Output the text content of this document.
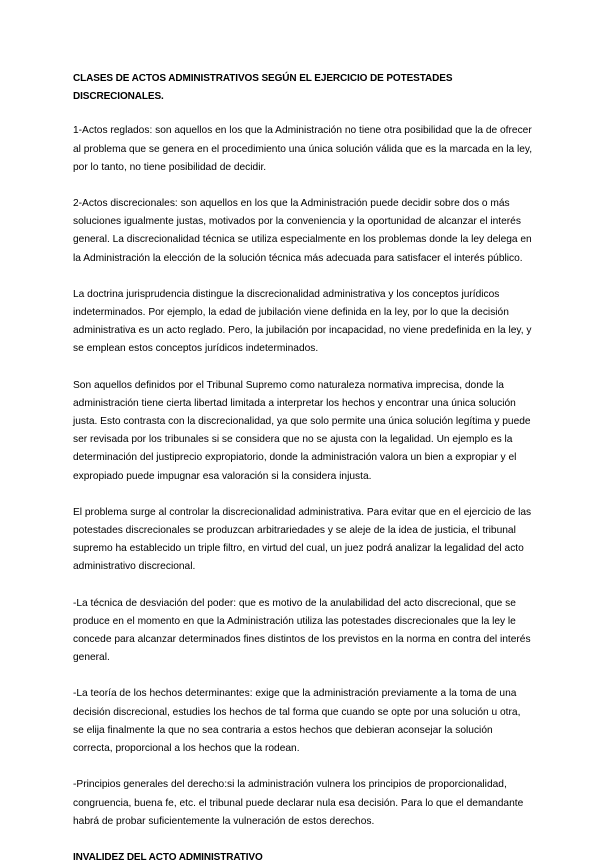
CLASES DE ACTOS ADMINISTRATIVOS SEGÚN EL EJERCICIO DE POTESTADES DISCRECIONALES.
1-Actos reglados: son aquellos en los que la Administración no tiene otra posibilidad que la de ofrecer al problema que se genera en el procedimiento una única solución válida que es la marcada en la ley, por lo tanto, no tiene posibilidad de decidir.
2-Actos discrecionales: son aquellos en los que la Administración puede decidir sobre dos o más soluciones igualmente justas, motivados por la conveniencia y la oportunidad de alcanzar el interés general. La discrecionalidad técnica se utiliza especialmente en los problemas donde la ley delega en la Administración la elección de la solución técnica más adecuada para satisfacer el interés público.
La doctrina jurisprudencia distingue la discrecionalidad administrativa y los conceptos jurídicos indeterminados. Por ejemplo, la edad de jubilación viene definida en la ley, por lo que la decisión administrativa es un acto reglado. Pero, la jubilación por incapacidad, no viene predefinida en la ley, y se emplean estos conceptos jurídicos indeterminados.
Son aquellos definidos por el Tribunal Supremo como naturaleza normativa imprecisa, donde la administración tiene cierta libertad limitada a interpretar los hechos y encontrar una única solución justa. Esto contrasta con la discrecionalidad, ya que solo permite una única solución legítima y puede ser revisada por los tribunales si se considera que no se ajusta con la legalidad. Un ejemplo es la determinación del justiprecio expropiatorio, donde la administración valora un bien a expropiar y el expropiado puede impugnar esa valoración si la considera injusta.
El problema surge al controlar la discrecionalidad administrativa. Para evitar que en el ejercicio de las potestades discrecionales se produzcan arbitrariedades y se aleje de la idea de justicia, el tribunal supremo ha establecido un triple filtro, en virtud del cual, un juez podrá analizar la legalidad del acto administrativo discrecional.
-La técnica de desviación del poder: que es motivo de la anulabilidad del acto discrecional, que se produce en el momento en que la Administración utiliza las potestades discrecionales que la ley le concede para alcanzar determinados fines distintos de los previstos en la norma en contra del interés general.
-La teoría de los hechos determinantes: exige que la administración previamente a la toma de una decisión discrecional, estudies los hechos de tal forma que cuando se opte por una solución u otra, se elija finalmente la que no sea contraria a estos hechos que debieran aconsejar la solución correcta, proporcional a los hechos que la rodean.
-Principios generales del derecho:si la administración vulnera los principios de proporcionalidad, congruencia, buena fe, etc. el tribunal puede declarar nula esa decisión. Para lo que el demandante habrá de probar suficientemente la vulneración de estos derechos.
INVALIDEZ DEL ACTO ADMINISTRATIVO
